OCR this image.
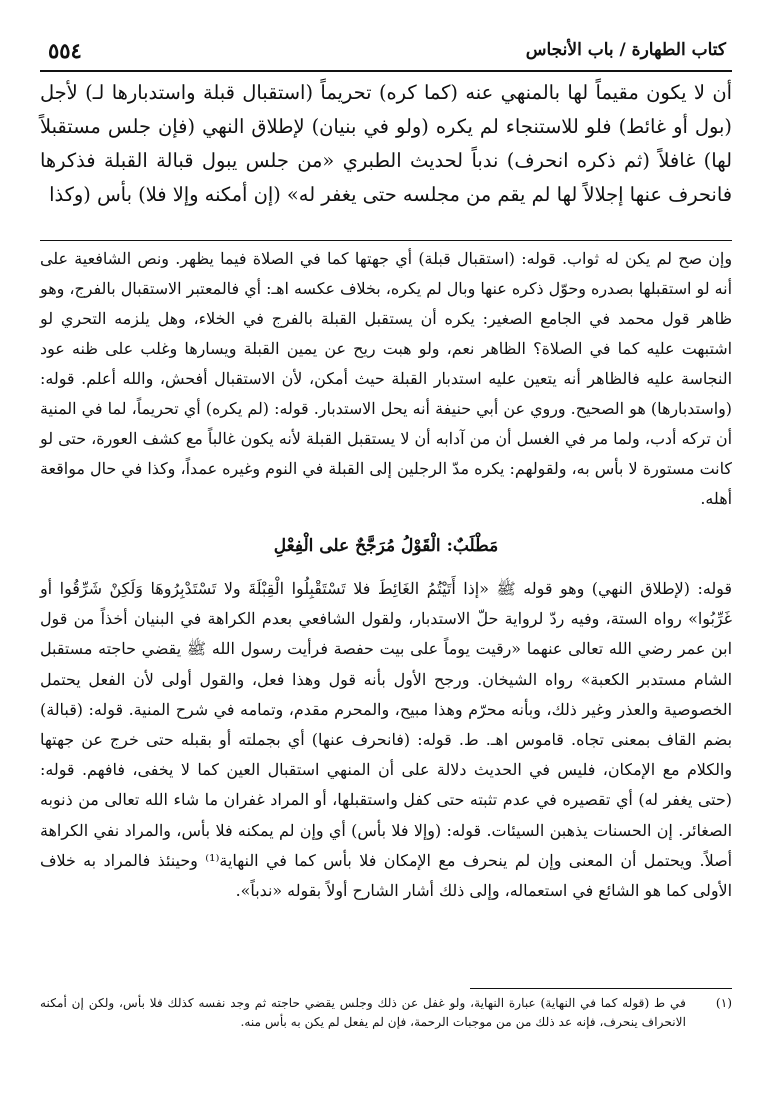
كتاب الطهارة / باب الأنجاس
٥٥٤
أن لا يكون مقيماً لها بالمنهي عنه (كما كره) تحريماً (استقبال قبلة واستدبارها لـ) لأجل (بول أو غائط) فلو للاستنجاء لم يكره (ولو في بنيان) لإطلاق النهي (فإن جلس مستقبلاً لها) غافلاً (ثم ذكره انحرف) ندباً لحديث الطبري «من جلس يبول قبالة القبلة فذكرها فانحرف عنها إجلالاً لها لم يقم من مجلسه حتى يغفر له» (إن أمكنه وإلا فلا) بأس (وكذا
وإن صح لم يكن له ثواب. قوله: (استقبال قبلة) أي جهتها كما في الصلاة فيما يظهر. ونص الشافعية على أنه لو استقبلها بصدره وحوّل ذكره عنها وبال لم يكره، بخلاف عكسه اهـ: أي فالمعتبر الاستقبال بالفرج، وهو ظاهر قول محمد في الجامع الصغير: يكره أن يستقبل القبلة بالفرج في الخلاء، وهل يلزمه التحري لو اشتبهت عليه كما في الصلاة؟ الظاهر نعم، ولو هبت ريح عن يمين القبلة ويسارها وغلب على ظنه عود النجاسة عليه فالظاهر أنه يتعين عليه استدبار القبلة حيث أمكن، لأن الاستقبال أفحش، والله أعلم. قوله: (واستدبارها) هو الصحيح. وروي عن أبي حنيفة أنه يحل الاستدبار. قوله: (لم يكره) أي تحريماً، لما في المنية أن تركه أدب، ولما مر في الغسل أن من آدابه أن لا يستقبل القبلة لأنه يكون غالباً مع كشف العورة، حتى لو كانت مستورة لا بأس به، ولقولهم: يكره مدّ الرجلين إلى القبلة في النوم وغيره عمداً، وكذا في حال مواقعة أهله.
مَطْلَبٌ: الْقَوْلُ مُرَجَّحٌ على الْفِعْلِ
قوله: (لإطلاق النهي) وهو قوله ﷺ «إذا أَتَيْتُمُ الغَائِطَ فلا تَسْتَقْبِلُوا الْقِبْلَةَ ولا تَسْتَدْبِرُوهَا وَلَكِنْ شَرِّقُوا أو غَرِّبُوا» رواه الستة، وفيه ردّ لرواية حلّ الاستدبار، ولقول الشافعي بعدم الكراهة في البنيان أخذاً من قول ابن عمر رضي الله تعالى عنهما «رقيت يوماً على بيت حفصة فرأيت رسول الله ﷺ يقضي حاجته مستقبل الشام مستدبر الكعبة» رواه الشيخان. ورجح الأول بأنه قول وهذا فعل، والقول أولى لأن الفعل يحتمل الخصوصية والعذر وغير ذلك، وبأنه محرّم وهذا مبيح، والمحرم مقدم، وتمامه في شرح المنية. قوله: (قبالة) بضم القاف بمعنى تجاه. قاموس اهـ. ط. قوله: (فانحرف عنها) أي بجملته أو بقبله حتى خرج عن جهتها والكلام مع الإمكان، فليس في الحديث دلالة على أن المنهي استقبال العين كما لا يخفى، فافهم. قوله: (حتى يغفر له) أي تقصيره في عدم تثبته حتى كفل واستقبلها، أو المراد غفران ما شاء الله تعالى من ذنوبه الصغائر. إن الحسنات يذهبن السيئات. قوله: (وإلا فلا بأس) أي وإن لم يمكنه فلا بأس، والمراد نفي الكراهة أصلاً. ويحتمل أن المعنى وإن لم ينحرف مع الإمكان فلا بأس كما في النهاية⁽¹⁾ وحينئذ فالمراد به خلاف الأولى كما هو الشائع في استعماله، وإلى ذلك أشار الشارح أولاً بقوله «ندباً».
(١)
في ط (قوله كما في النهاية) عبارة النهاية، ولو غفل عن ذلك وجلس يقضي حاجته ثم وجد نفسه كذلك فلا بأس، ولكن إن أمكنه الانحراف ينحرف، فإنه عد ذلك من من موجبات الرحمة، فإن لم يفعل لم يكن به بأس منه.
